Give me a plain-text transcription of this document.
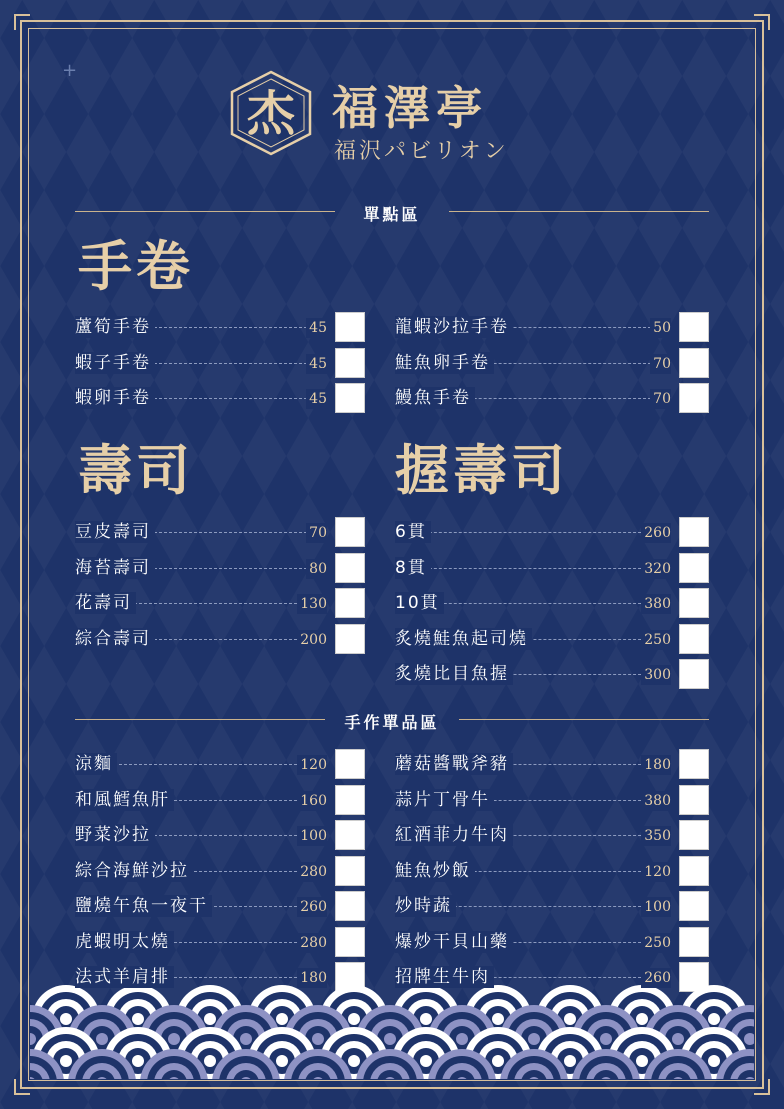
+
杰 福澤亭
福沢パビリオン
單點區
手卷
壽司	握壽司
蘆筍手卷	45
蝦子手卷	45
蝦卵手卷	45
龍蝦沙拉手卷	50
鮭魚卵手卷	70
鰻魚手卷	70
豆皮壽司	70
海苔壽司	80
花壽司	130
綜合壽司	200
6貫	260
8貫	320
10貫	380
炙燒鮭魚起司燒	250
炙燒比目魚握	300
手作單品區
涼麵	120
和風鱈魚肝	160
野菜沙拉	100
綜合海鮮沙拉	280
鹽燒午魚一夜干	260
虎蝦明太燒	280
法式羊肩排	180
蘑菇醬戰斧豬	180
蒜片丁骨牛	380
紅酒菲力牛肉	350
鮭魚炒飯	120
炒時蔬	100
爆炒干貝山藥	250
招牌生牛肉	260
